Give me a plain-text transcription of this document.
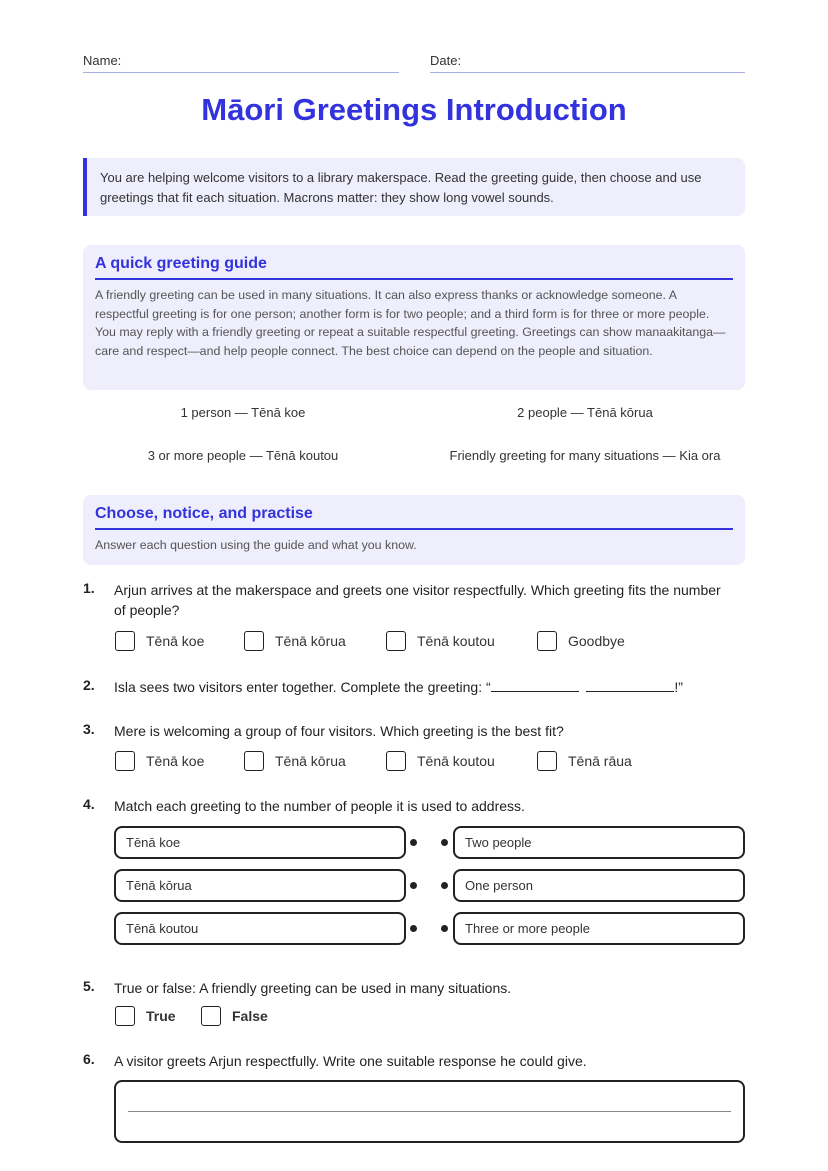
Name:	Date:
Māori Greetings Introduction
You are helping welcome visitors to a library makerspace. Read the greeting guide, then choose and use greetings that fit each situation. Macrons matter: they show long vowel sounds.
A quick greeting guide
A friendly greeting can be used in many situations. It can also express thanks or acknowledge someone. A respectful greeting is for one person; another form is for two people; and a third form is for three or more people. You may reply with a friendly greeting or repeat a suitable respectful greeting. Greetings can show manaakitanga—care and respect—and help people connect. The best choice can depend on the people and situation.
1 person — Tēnā koe	2 people — Tēnā kōrua
3 or more people — Tēnā koutou	Friendly greeting for many situations — Kia ora
Choose, notice, and practise
Answer each question using the guide and what you know.
1. Arjun arrives at the makerspace and greets one visitor respectfully. Which greeting fits the number of people?
Tēnā koe	Tēnā kōrua	Tēnā koutou	Goodbye
2. Isla sees two visitors enter together. Complete the greeting: “	!”
3. Mere is welcoming a group of four visitors. Which greeting is the best fit?
Tēnā koe	Tēnā kōrua	Tēnā koutou	Tēnā rāua
4. Match each greeting to the number of people it is used to address.
Tēnā koe
Tēnā kōrua
Tēnā koutou
Two people
One person
Three or more people
5. True or false: A friendly greeting can be used in many situations.
True	False
6. A visitor greets Arjun respectfully. Write one suitable response he could give.
